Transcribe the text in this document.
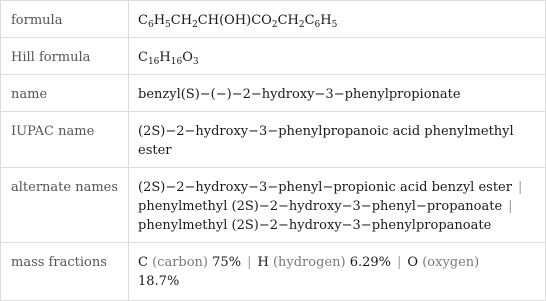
formula	$C_6H_5CH_2CH(OH)CO_2CH_2C_6H_5$
Hill formula	$C_{16}H_{16}O_3$
name	benzyl(S)−(−)−2−hydroxy−3−phenylpropionate
IUPAC name	(2S)−2−hydroxy−3−phenylpropanoic acid phenylmethyl ester
alternate names	(2S)−2−hydroxy−3−phenyl−propionic acid benzyl ester |
phenylmethyl (2S)−2−hydroxy−3−phenyl−propanoate |
phenylmethyl (2S)−2−hydroxy−3−phenylpropanoate
mass fractions	C (carbon) 75% | H (hydrogen) 6.29% | O (oxygen)
18.7%
